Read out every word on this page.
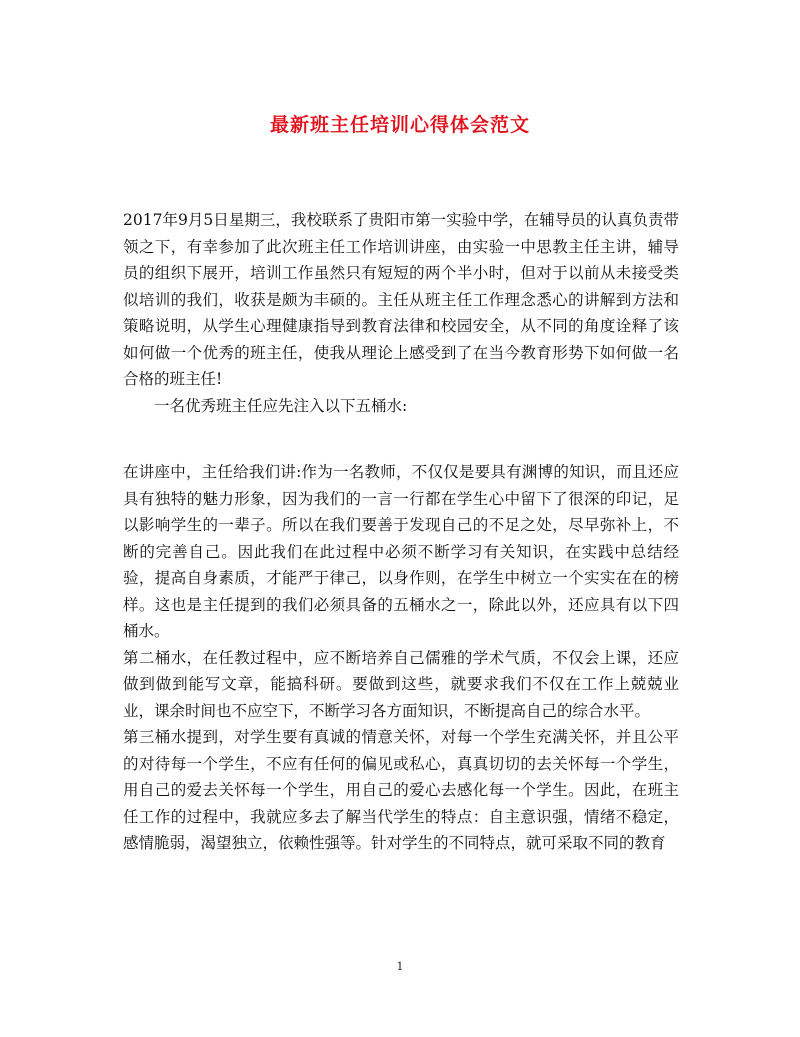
最新班主任培训心得体会范文

2017年9月5日星期三，我校联系了贵阳市第一实验中学，在辅导员的认真负责带领之下，有幸参加了此次班主任工作培训讲座，由实验一中思教主任主讲，辅导员的组织下展开，培训工作虽然只有短短的两个半小时，但对于以前从未接受类似培训的我们，收获是颇为丰硕的。主任从班主任工作理念悉心的讲解到方法和策略说明，从学生心理健康指导到教育法律和校园安全，从不同的角度诠释了该如何做一个优秀的班主任，使我从理论上感受到了在当今教育形势下如何做一名合格的班主任!

一名优秀班主任应先注入以下五桶水:

在讲座中，主任给我们讲:作为一名教师，不仅仅是要具有渊博的知识，而且还应具有独特的魅力形象，因为我们的一言一行都在学生心中留下了很深的印记，足以影响学生的一辈子。所以在我们要善于发现自己的不足之处，尽早弥补上，不断的完善自己。因此我们在此过程中必须不断学习有关知识，在实践中总结经验，提高自身素质，才能严于律己，以身作则，在学生中树立一个实实在在的榜样。这也是主任提到的我们必须具备的五桶水之一，除此以外，还应具有以下四桶水。

第二桶水，在任教过程中，应不断培养自己儒雅的学术气质，不仅会上课，还应做到做到能写文章，能搞科研。要做到这些，就要求我们不仅在工作上兢兢业业，课余时间也不应空下，不断学习各方面知识，不断提高自己的综合水平。

第三桶水提到，对学生要有真诚的情意关怀，对每一个学生充满关怀，并且公平的对待每一个学生，不应有任何的偏见或私心，真真切切的去关怀每一个学生，用自己的爱去关怀每一个学生，用自己的爱心去感化每一个学生。因此，在班主任工作的过程中，我就应多去了解当代学生的特点：自主意识强，情绪不稳定，感情脆弱，渴望独立，依赖性强等。针对学生的不同特点，就可采取不同的教育

1
